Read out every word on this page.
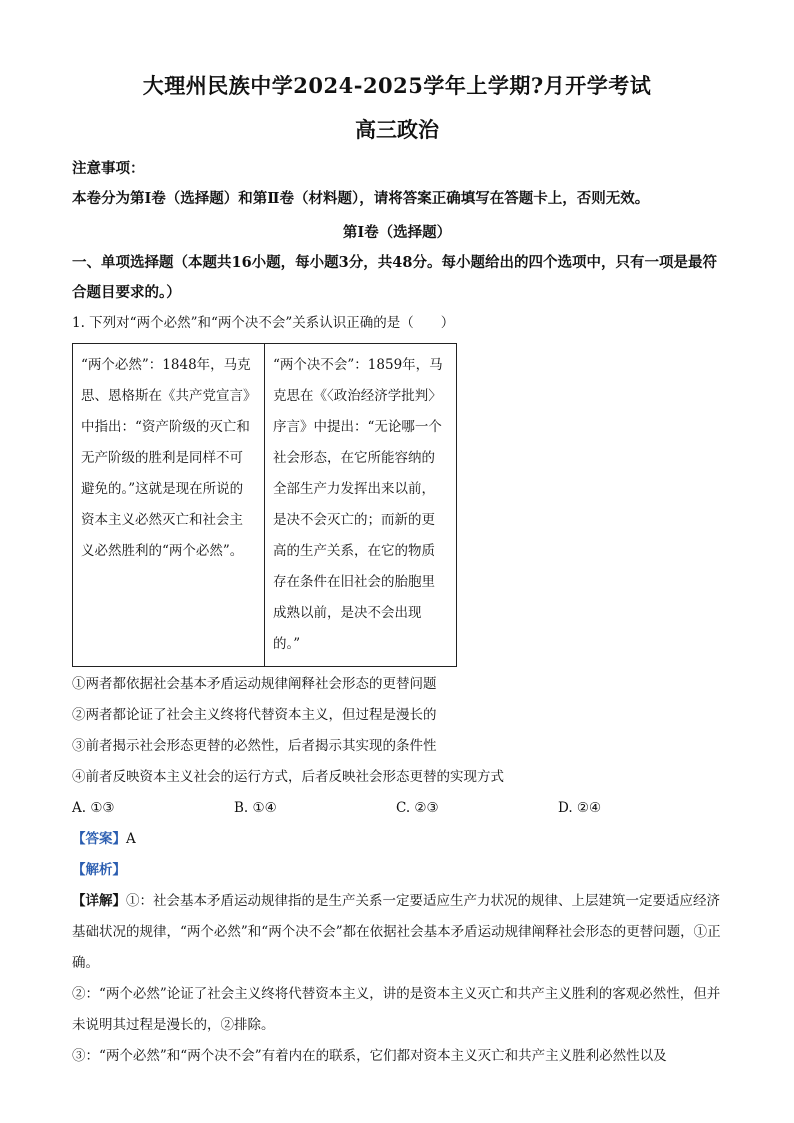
大理州民族中学2024-2025学年上学期?月开学考试
高三政治
注意事项：
本卷分为第Ⅰ卷（选择题）和第Ⅱ卷（材料题），请将答案正确填写在答题卡上，否则无效。
第Ⅰ卷（选择题）
一、单项选择题（本题共16小题，每小题3分，共48分。每小题给出的四个选项中，只有一项是最符合题目要求的。）
1. 下列对“两个必然”和“两个决不会”关系认识正确的是（　　）
“两个必然”：1848年，马克思、恩格斯在《共产党宣言》中指出：“资产阶级的灭亡和无产阶级的胜利是同样不可避免的。”这就是现在所说的资本主义必然灭亡和社会主义必然胜利的“两个必然”。	“两个决不会”：1859年，马克思在《〈政治经济学批判〉序言》中提出：“无论哪一个社会形态，在它所能容纳的全部生产力发挥出来以前，是决不会灭亡的；而新的更高的生产关系，在它的物质存在条件在旧社会的胎胞里成熟以前，是决不会出现的。”
①两者都依据社会基本矛盾运动规律阐释社会形态的更替问题
②两者都论证了社会主义终将代替资本主义，但过程是漫长的
③前者揭示社会形态更替的必然性，后者揭示其实现的条件性
④前者反映资本主义社会的运行方式，后者反映社会形态更替的实现方式
A. ①③	B. ①④	C. ②③	D. ②④
【答案】A
【解析】
【详解】①：社会基本矛盾运动规律指的是生产关系一定要适应生产力状况的规律、上层建筑一定要适应经济基础状况的规律，“两个必然”和“两个决不会”都在依据社会基本矛盾运动规律阐释社会形态的更替问题，①正确。
②：“两个必然”论证了社会主义终将代替资本主义，讲的是资本主义灭亡和共产主义胜利的客观必然性，但并未说明其过程是漫长的，②排除。
③：“两个必然”和“两个决不会”有着内在的联系，它们都对资本主义灭亡和共产主义胜利必然性以及
